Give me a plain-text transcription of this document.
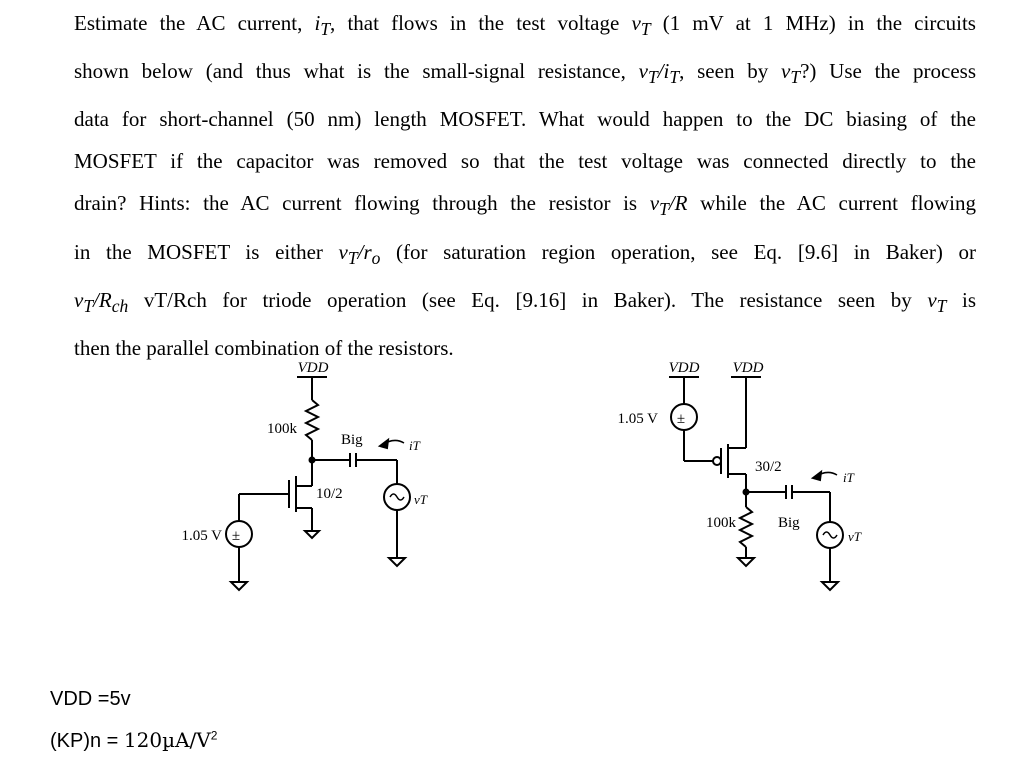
Estimate the AC current, $i_T$, that flows in the test voltage $v_T$ (1 mV at 1 MHz) in the circuits
shown below (and thus what is the small-signal resistance, $v_T/i_T$, seen by $v_T$?) Use the process
data for short-channel (50 nm) length MOSFET. What would happen to the DC biasing of the
MOSFET if the capacitor was removed so that the test voltage was connected directly to the
drain? Hints: the AC current flowing through the resistor is $v_T/R$ while the AC current flowing
in the MOSFET is either $v_T/r_o$ (for saturation region operation, see Eq. [9.6] in Baker) or
$v_T/R_{ch}$ vT/Rch for triode operation (see Eq. [9.16] in Baker). The resistance seen by $v_T$ is
then the parallel combination of the resistors.
±
VDD
100k
Big
10/2
1.05 V
iT
vT
±
VDD VDD
1.05 V
30/2
100k	Big
iT
vT
VDD =5v
$(KP)n = 120\mu A/V^2$
